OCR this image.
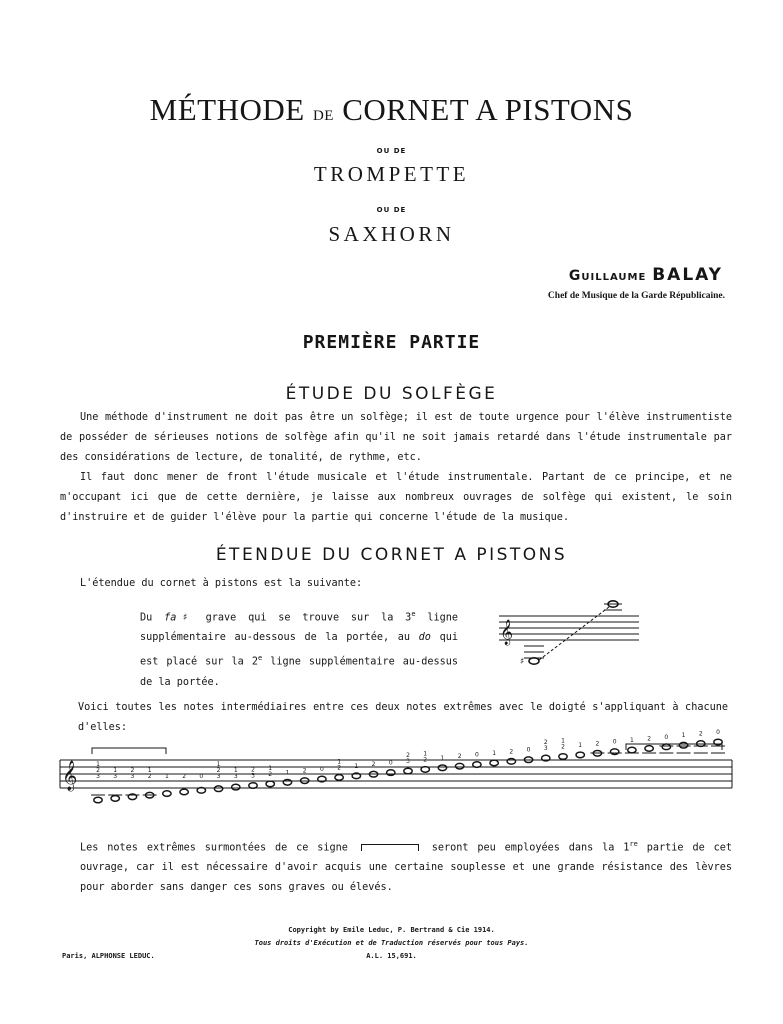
MÉTHODE DE CORNET A PISTONS
OU DE
TROMPETTE
OU DE
SAXHORN
Guillaume BALAY
Chef de Musique de la Garde Républicaine.
PREMIÈRE PARTIE
ÉTUDE DU SOLFÈGE

Une méthode d'instrument ne doit pas être un solfège; il est de toute urgence pour l'élève instrumentiste de posséder de sérieuses notions de solfège afin qu'il ne soit jamais retardé dans l'étude instrumentale par des considérations de lecture, de tonalité, de rythme, etc.

Il faut donc mener de front l'étude musicale et l'étude instrumentale. Partant de ce principe, et ne m'occupant ici que de cette dernière, je laisse aux nombreux ouvrages de solfège qui existent, le soin d'instruire et de guider l'élève pour la partie qui concerne l'étude de la musique.

ÉTENDUE DU CORNET A PISTONS
L'étendue du cornet à pistons est la suivante:
Du fa♯ grave qui se trouve sur la 3e ligne supplémentaire au-dessous de la portée, au do qui est placé sur la 2e ligne supplémentaire au-dessus de la portée.
𝄞
♯
Voici toutes les notes intermédiaires entre ces deux notes extrêmes avec le doigté s'appliquant à chacune d'elles:
𝄞	1
2
3
1
3
2
3
1
2 1 2 0
1
2
3
1
3
2
3
1
2 1 2 0
1
2 1 2 0
2
3
1
2 1 2 0 1 2 0
2
3
1
2 1 2 0 1 2 0 1 2 0
Les notes extrêmes surmontées de ce signe	seront peu employées dans la 1re partie de cet ouvrage, car il est nécessaire d'avoir acquis une certaine souplesse et une grande résistance des lèvres pour aborder sans danger ces sons graves ou élevés.
Paris, ALPHONSE LEDUC.
Copyright by Emile Leduc, P. Bertrand & Cie 1914.
Tous droits d'Exécution et de Traduction réservés pour tous Pays.
A.L. 15,691.
